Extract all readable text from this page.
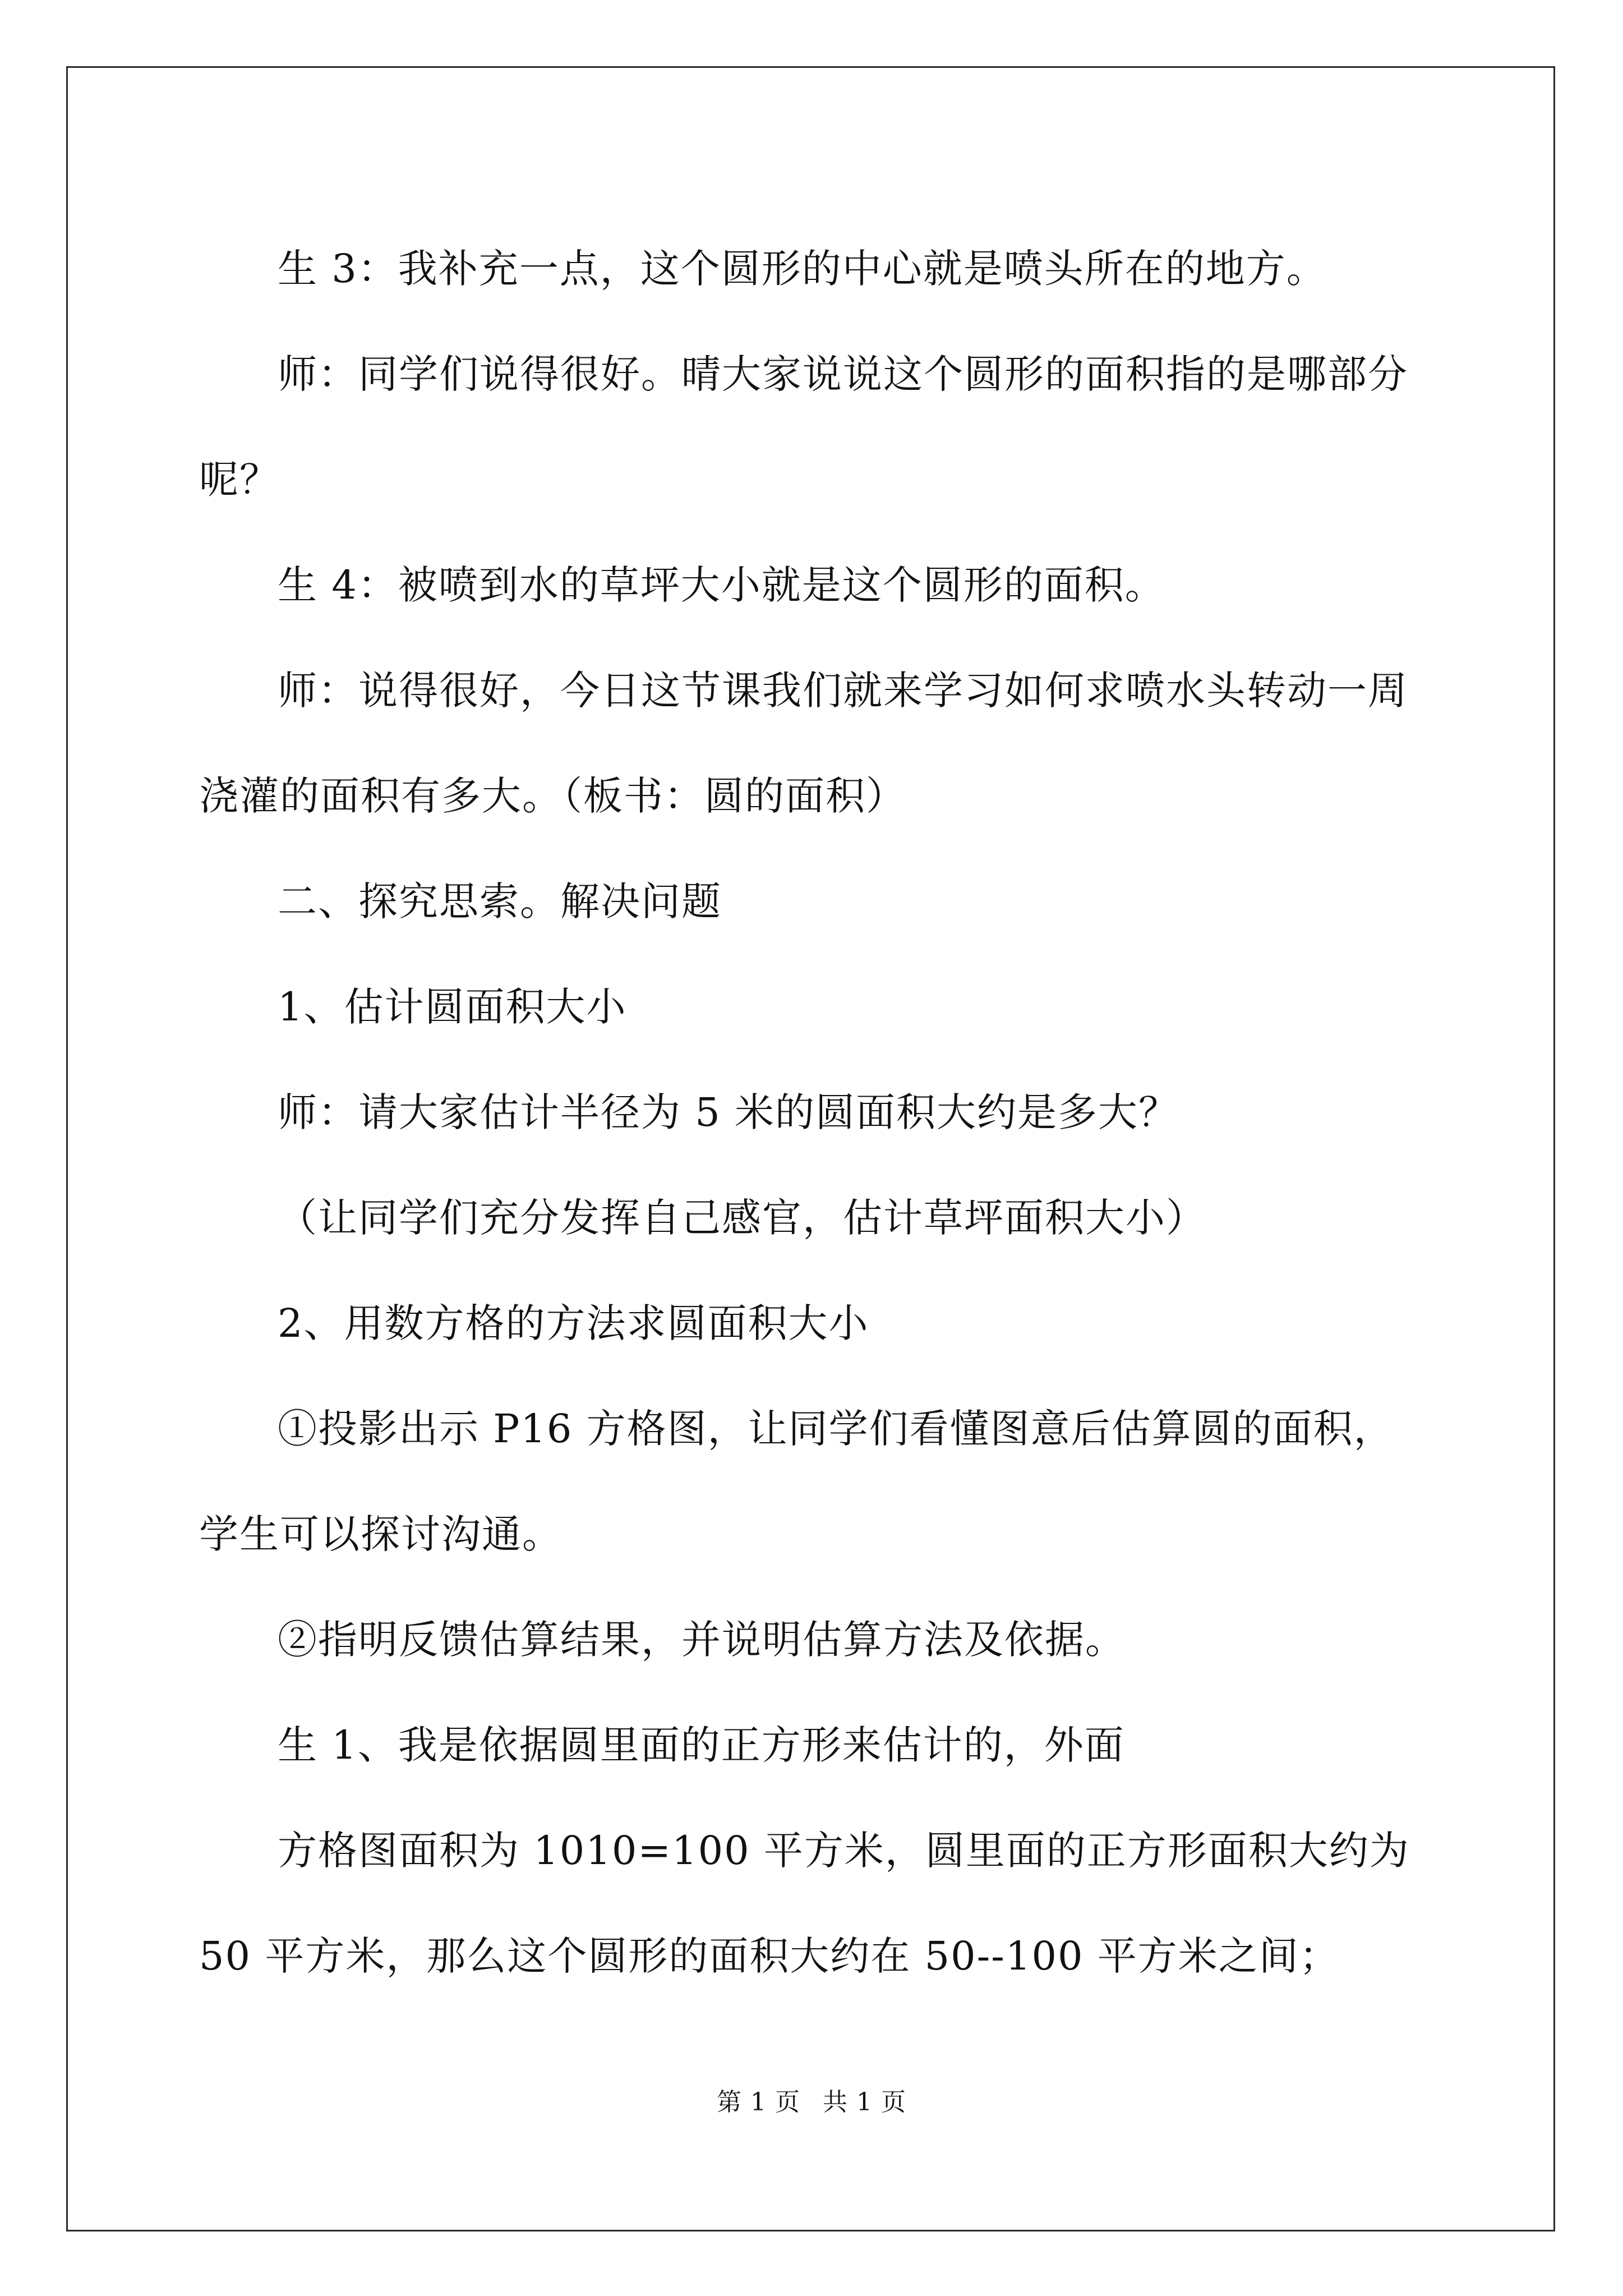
生 3：我补充一点，这个圆形的中心就是喷头所在的地方。

师：同学们说得很好。晴大家说说这个圆形的面积指的是哪部分呢？

生 4：被喷到水的草坪大小就是这个圆形的面积。

师：说得很好，今日这节课我们就来学习如何求喷水头转动一周浇灌的面积有多大。（板书：圆的面积）

二、探究思索。解决问题

1、估计圆面积大小

师：请大家估计半径为 5 米的圆面积大约是多大？

（让同学们充分发挥自己感官，估计草坪面积大小）

2、用数方格的方法求圆面积大小

①投影出示 P16 方格图，让同学们看懂图意后估算圆的面积，学生可以探讨沟通。

②指明反馈估算结果，并说明估算方法及依据。

生 1、我是依据圆里面的正方形来估计的，外面

方格图面积为 1010=100 平方米，圆里面的正方形面积大约为 50 平方米，那么这个圆形的面积大约在 50--100 平方米之间；

第 1 页 共 1 页
